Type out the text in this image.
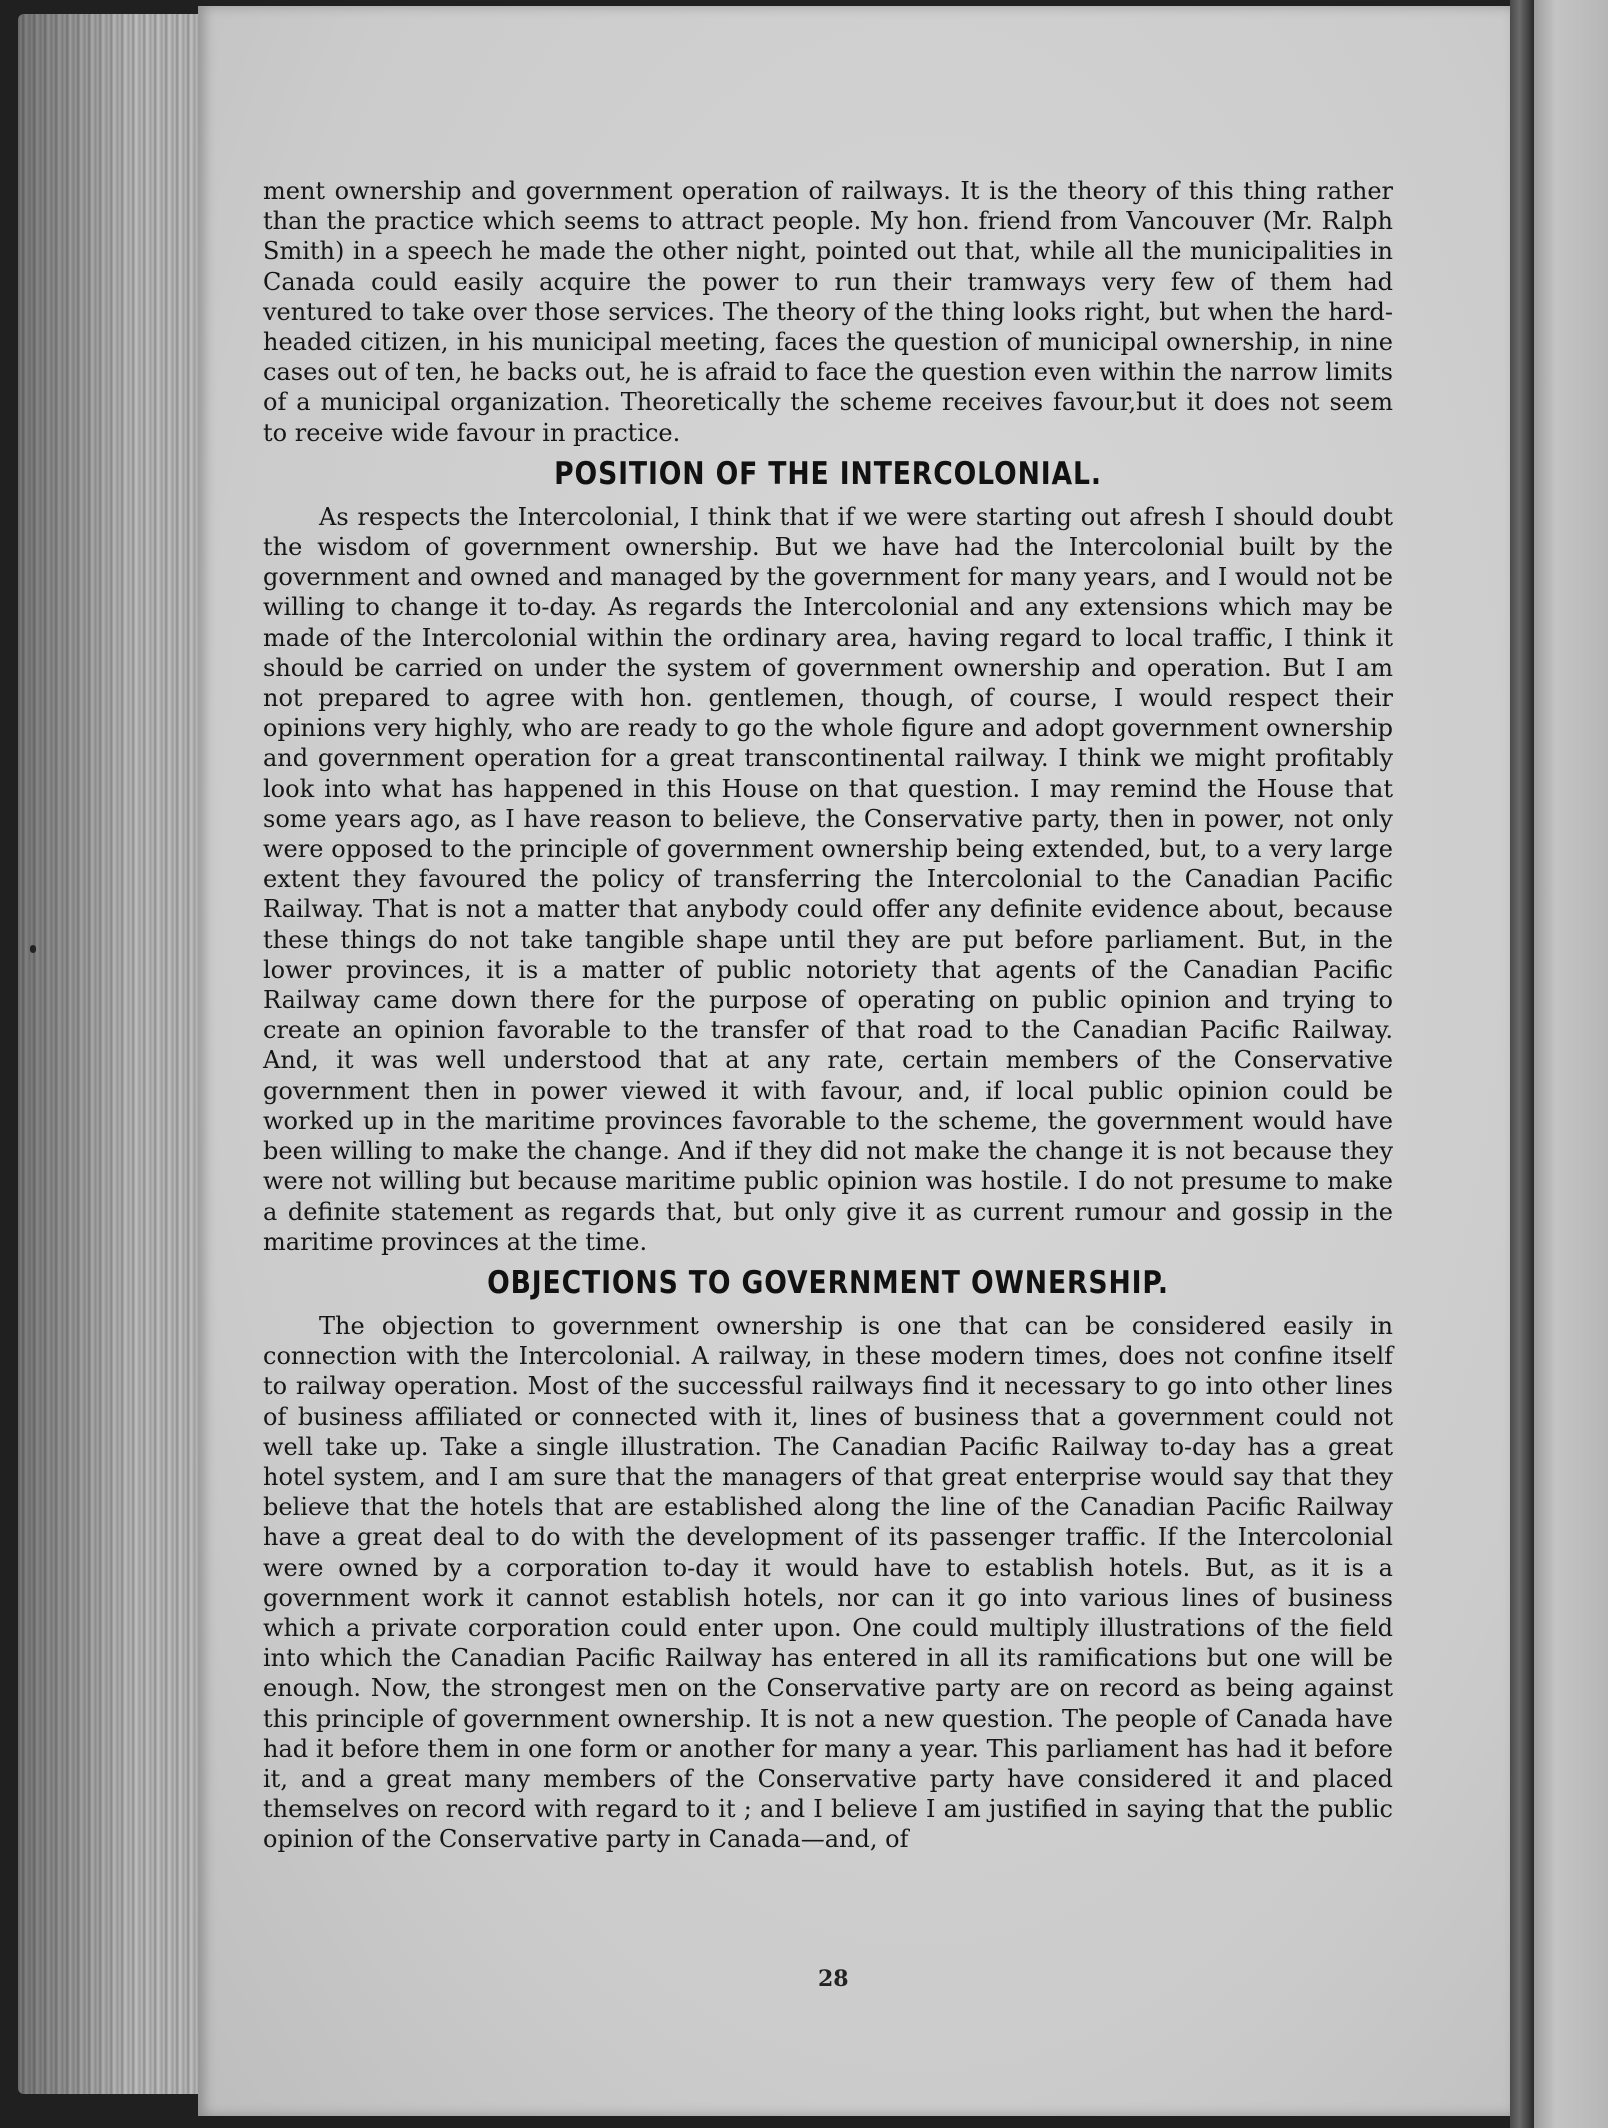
ment ownership and government operation of railways. It is the theory of this thing rather than the practice which seems to attract people. My hon. friend from Vancouver (Mr. Ralph Smith) in a speech he made the other night, pointed out that, while all the municipalities in Canada could easily acquire the power to run their tramways very few of them had ventured to take over those services. The theory of the thing looks right, but when the hard-headed citizen, in his municipal meeting, faces the question of municipal ownership, in nine cases out of ten, he backs out, he is afraid to face the question even within the narrow limits of a municipal organization. Theoretically the scheme receives favour,but it does not seem to receive wide favour in practice.

POSITION OF THE INTERCOLONIAL.

As respects the Intercolonial, I think that if we were starting out afresh I should doubt the wisdom of government ownership. But we have had the Intercolonial built by the government and owned and managed by the government for many years, and I would not be willing to change it to-day. As regards the Intercolonial and any extensions which may be made of the Intercolonial within the ordinary area, having regard to local traffic, I think it should be carried on under the system of government ownership and operation. But I am not prepared to agree with hon. gentlemen, though, of course, I would respect their opinions very highly, who are ready to go the whole figure and adopt government ownership and government operation for a great transcontinental railway. I think we might profitably look into what has happened in this House on that question. I may remind the House that some years ago, as I have reason to believe, the Conservative party, then in power, not only were opposed to the principle of government ownership being extended, but, to a very large extent they favoured the policy of transferring the Intercolonial to the Canadian Pacific Railway. That is not a matter that anybody could offer any definite evidence about, because these things do not take tangible shape until they are put before parliament. But, in the lower provinces, it is a matter of public notoriety that agents of the Canadian Pacific Railway came down there for the purpose of operating on public opinion and trying to create an opinion favorable to the transfer of that road to the Canadian Pacific Railway. And, it was well understood that at any rate, certain members of the Conservative government then in power viewed it with favour, and, if local public opinion could be worked up in the maritime provinces favorable to the scheme, the government would have been willing to make the change. And if they did not make the change it is not because they were not willing but because maritime public opinion was hostile. I do not presume to make a definite statement as regards that, but only give it as current rumour and gossip in the maritime provinces at the time.

OBJECTIONS TO GOVERNMENT OWNERSHIP.

The objection to government ownership is one that can be considered easily in connection with the Intercolonial. A railway, in these modern times, does not confine itself to railway operation. Most of the successful railways find it necessary to go into other lines of business affiliated or connected with it, lines of business that a government could not well take up. Take a single illustration. The Canadian Pacific Railway to-day has a great hotel system, and I am sure that the managers of that great enterprise would say that they believe that the hotels that are established along the line of the Canadian Pacific Railway have a great deal to do with the development of its passenger traffic. If the Intercolonial were owned by a corporation to-day it would have to establish hotels. But, as it is a government work it cannot establish hotels, nor can it go into various lines of business which a private corporation could enter upon. One could multiply illustrations of the field into which the Canadian Pacific Railway has entered in all its ramifications but one will be enough. Now, the strongest men on the Conservative party are on record as being against this principle of government ownership. It is not a new question. The people of Canada have had it before them in one form or another for many a year. This parliament has had it before it, and a great many members of the Conservative party have considered it and placed themselves on record with regard to it ; and I believe I am justified in saying that the public opinion of the Conservative party in Canada—and, of

28
